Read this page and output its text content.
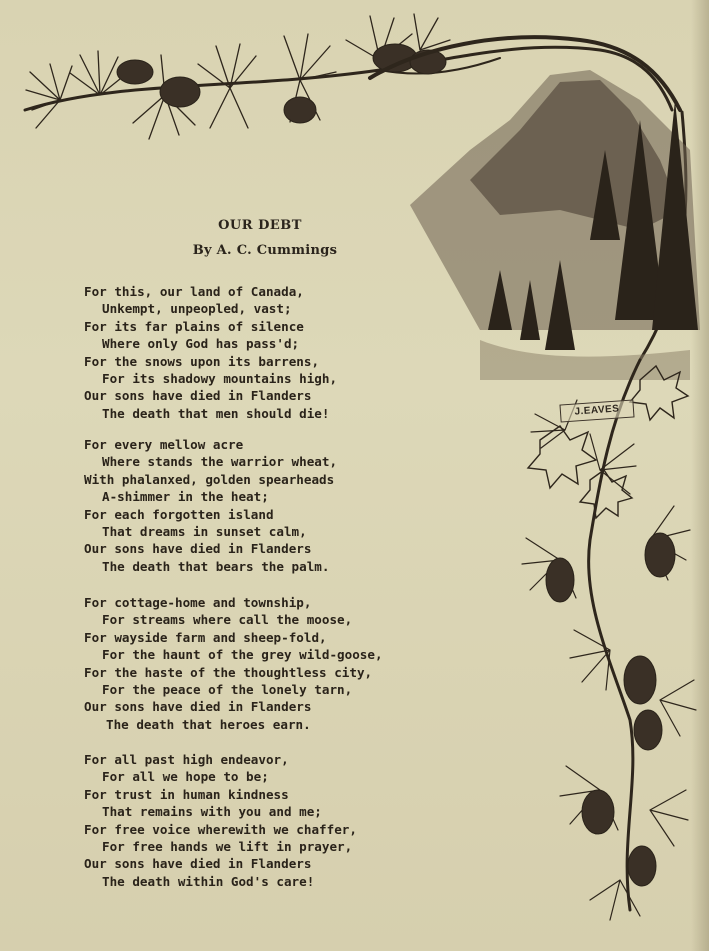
J.EAVES
OUR DEBT
By A. C. Cummings
For this, our land of Canada,
Unkempt, unpeopled, vast;
For its far plains of silence
Where only God has pass'd;
For the snows upon its barrens,
For its shadowy mountains high,
Our sons have died in Flanders
The death that men should die!
For every mellow acre
Where stands the warrior wheat,
With phalanxed, golden spearheads
A-shimmer in the heat;
For each forgotten island
That dreams in sunset calm,
Our sons have died in Flanders
The death that bears the palm.
For cottage-home and township,
For streams where call the moose,
For wayside farm and sheep-fold,
For the haunt of the grey wild-goose,
For the haste of the thoughtless city,
For the peace of the lonely tarn,
Our sons have died in Flanders
The death that heroes earn.
For all past high endeavor,
For all we hope to be;
For trust in human kindness
That remains with you and me;
For free voice wherewith we chaffer,
For free hands we lift in prayer,
Our sons have died in Flanders
The death within God's care!
